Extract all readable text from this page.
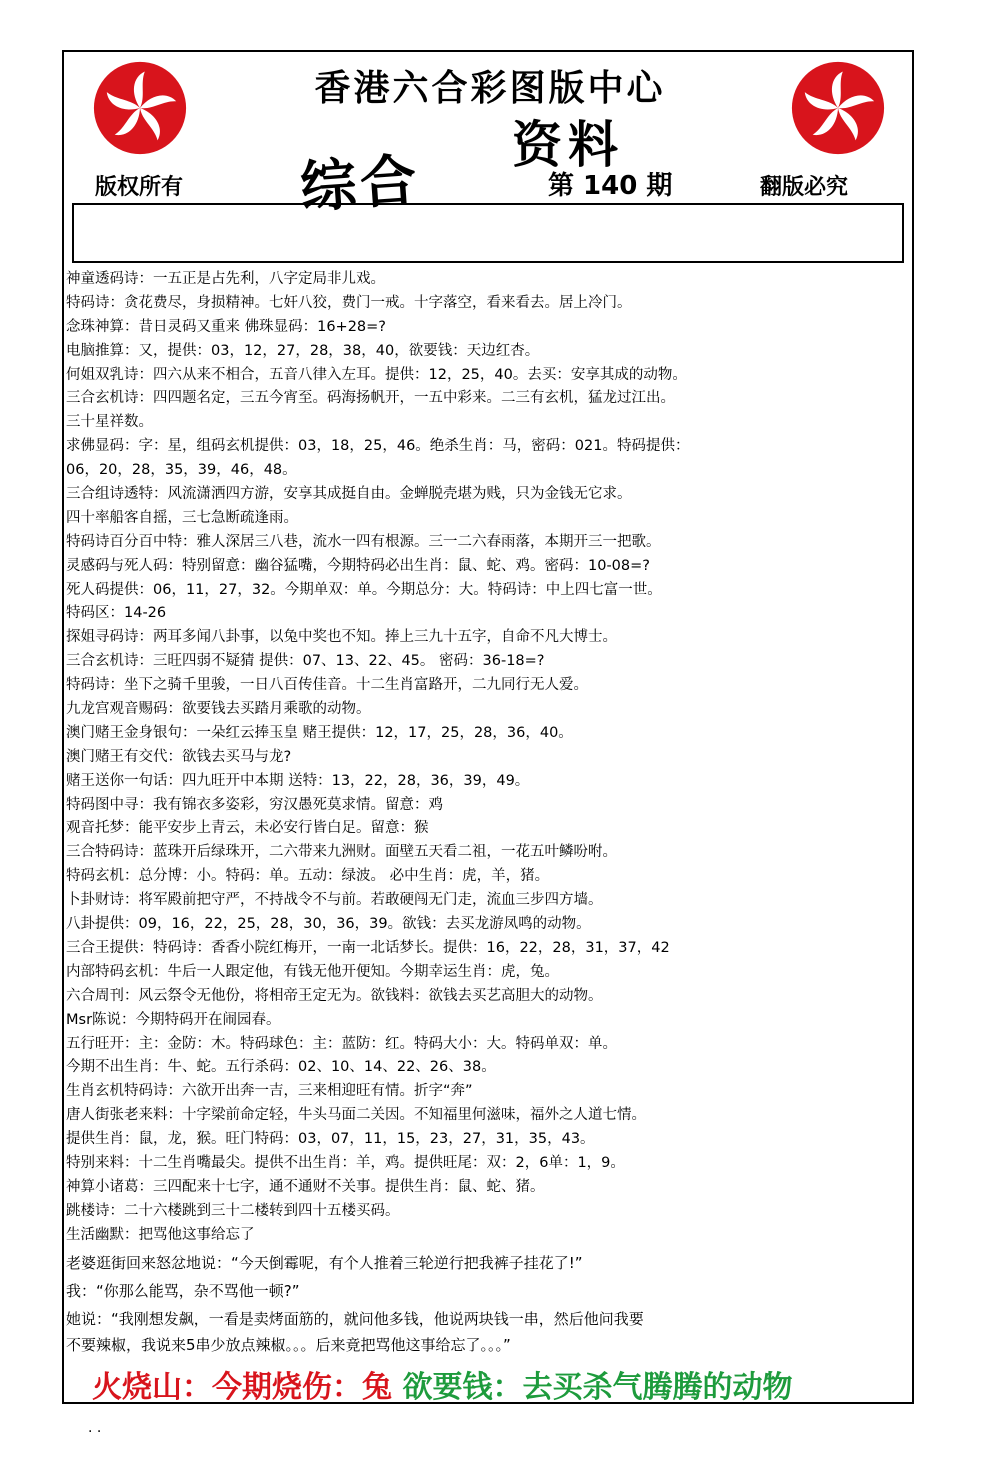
香港六合彩图版中心
综合
资料
第 140 期
版权所有	翻版必究
神童透码诗：一五正是占先利，八字定局非儿戏。
特码诗：贪花费尽，身损精神。七奸八狡，费门一戒。十字落空，看来看去。居上冷门。
念珠神算：昔日灵码又重来 佛珠显码：16+28=?
电脑推算：又，提供：03，12，27，28，38，40，欲要钱：天边红杏。
何姐双乳诗：四六从来不相合，五音八律入左耳。提供：12，25，40。去买：安享其成的动物。
三合玄机诗：四四题名定，三五今宵至。码海扬帆开，一五中彩来。二三有玄机，猛龙过江出。
三十星祥数。
求佛显码：字：星，组码玄机提供：03，18，25，46。绝杀生肖：马，密码：021。特码提供：
06，20，28，35，39，46，48。
三合组诗透特：风流潇洒四方游，安享其成挺自由。金蝉脱壳堪为贱，只为金钱无它求。
四十率船客自摇，三七急断疏逢雨。
特码诗百分百中特：雅人深居三八巷，流水一四有根源。三一二六春雨落，本期开三一把歌。
灵感码与死人码：特别留意：幽谷猛嘴，今期特码必出生肖：鼠、蛇、鸡。密码：10-08=?
死人码提供：06，11，27，32。今期单双：单。今期总分：大。特码诗：中上四七富一世。
特码区：14-26
探姐寻码诗：两耳多闻八卦事，以兔中奖也不知。捧上三九十五字，自命不凡大博士。
三合玄机诗：三旺四弱不疑猜 提供：07、13、22、45。 密码：36-18=?
特码诗：坐下之骑千里骏，一日八百传佳音。十二生肖富路开，二九同行无人爱。
九龙宫观音赐码：欲要钱去买踏月乘歌的动物。
澳门赌王金身银句：一朵红云捧玉皇 赌王提供：12，17，25，28，36，40。
澳门赌王有交代：欲钱去买马与龙?
赌王送你一句话：四九旺开中本期 送特：13，22，28，36，39，49。
特码图中寻：我有锦衣多姿彩，穷汉愚死莫求情。留意：鸡
观音托梦：能平安步上青云，未必安行皆白足。留意：猴
三合特码诗：蓝珠开后绿珠开，二六带来九洲财。面壁五天看二祖，一花五叶鳞吩咐。
特码玄机：总分博：小。特码：单。五动：绿波。 必中生肖：虎，羊，猪。
卜卦财诗：将军殿前把守严，不持战令不与前。若敢硬闯无门走，流血三步四方墙。
八卦提供：09，16，22，25，28，30，36，39。欲钱：去买龙游凤鸣的动物。
三合王提供：特码诗：香香小院红梅开，一南一北话梦长。提供：16，22，28，31，37，42
内部特码玄机：牛后一人跟定他，有钱无他开便知。今期幸运生肖：虎，兔。
六合周刊：风云祭令无他份，将相帝王定无为。欲钱料：欲钱去买艺高胆大的动物。
Msr陈说：今期特码开在闹园春。
五行旺开：主：金防：木。特码球色：主：蓝防：红。特码大小：大。特码单双：单。
今期不出生肖：牛、蛇。五行杀码：02、10、14、22、26、38。
生肖玄机特码诗：六欲开出奔一吉，三来相迎旺有情。折字“奔”
唐人街张老来料：十字梁前命定轻，牛头马面二关因。不知福里何滋味，福外之人道七情。
提供生肖：鼠，龙，猴。旺门特码：03，07，11，15，23，27，31，35，43。
特别来料：十二生肖嘴最尖。提供不出生肖：羊，鸡。提供旺尾：双：2，6单：1，9。
神算小诸葛：三四配来十七字，通不通财不关事。提供生肖：鼠、蛇、猪。
跳楼诗：二十六楼跳到三十二楼转到四十五楼买码。
生活幽默：把骂他这事给忘了
老婆逛街回来怒忿地说：“今天倒霉呢，有个人推着三轮逆行把我裤子挂花了!”
我：“你那么能骂，杂不骂他一顿?”
她说：“我刚想发飙，一看是卖烤面筋的，就问他多钱，他说两块钱一串，然后他问我要
不要辣椒，我说来5串少放点辣椒。。。后来竟把骂他这事给忘了。。。”
火烧山：今期烧伤：兔 欲要钱：去买杀气腾腾的动物
. .
